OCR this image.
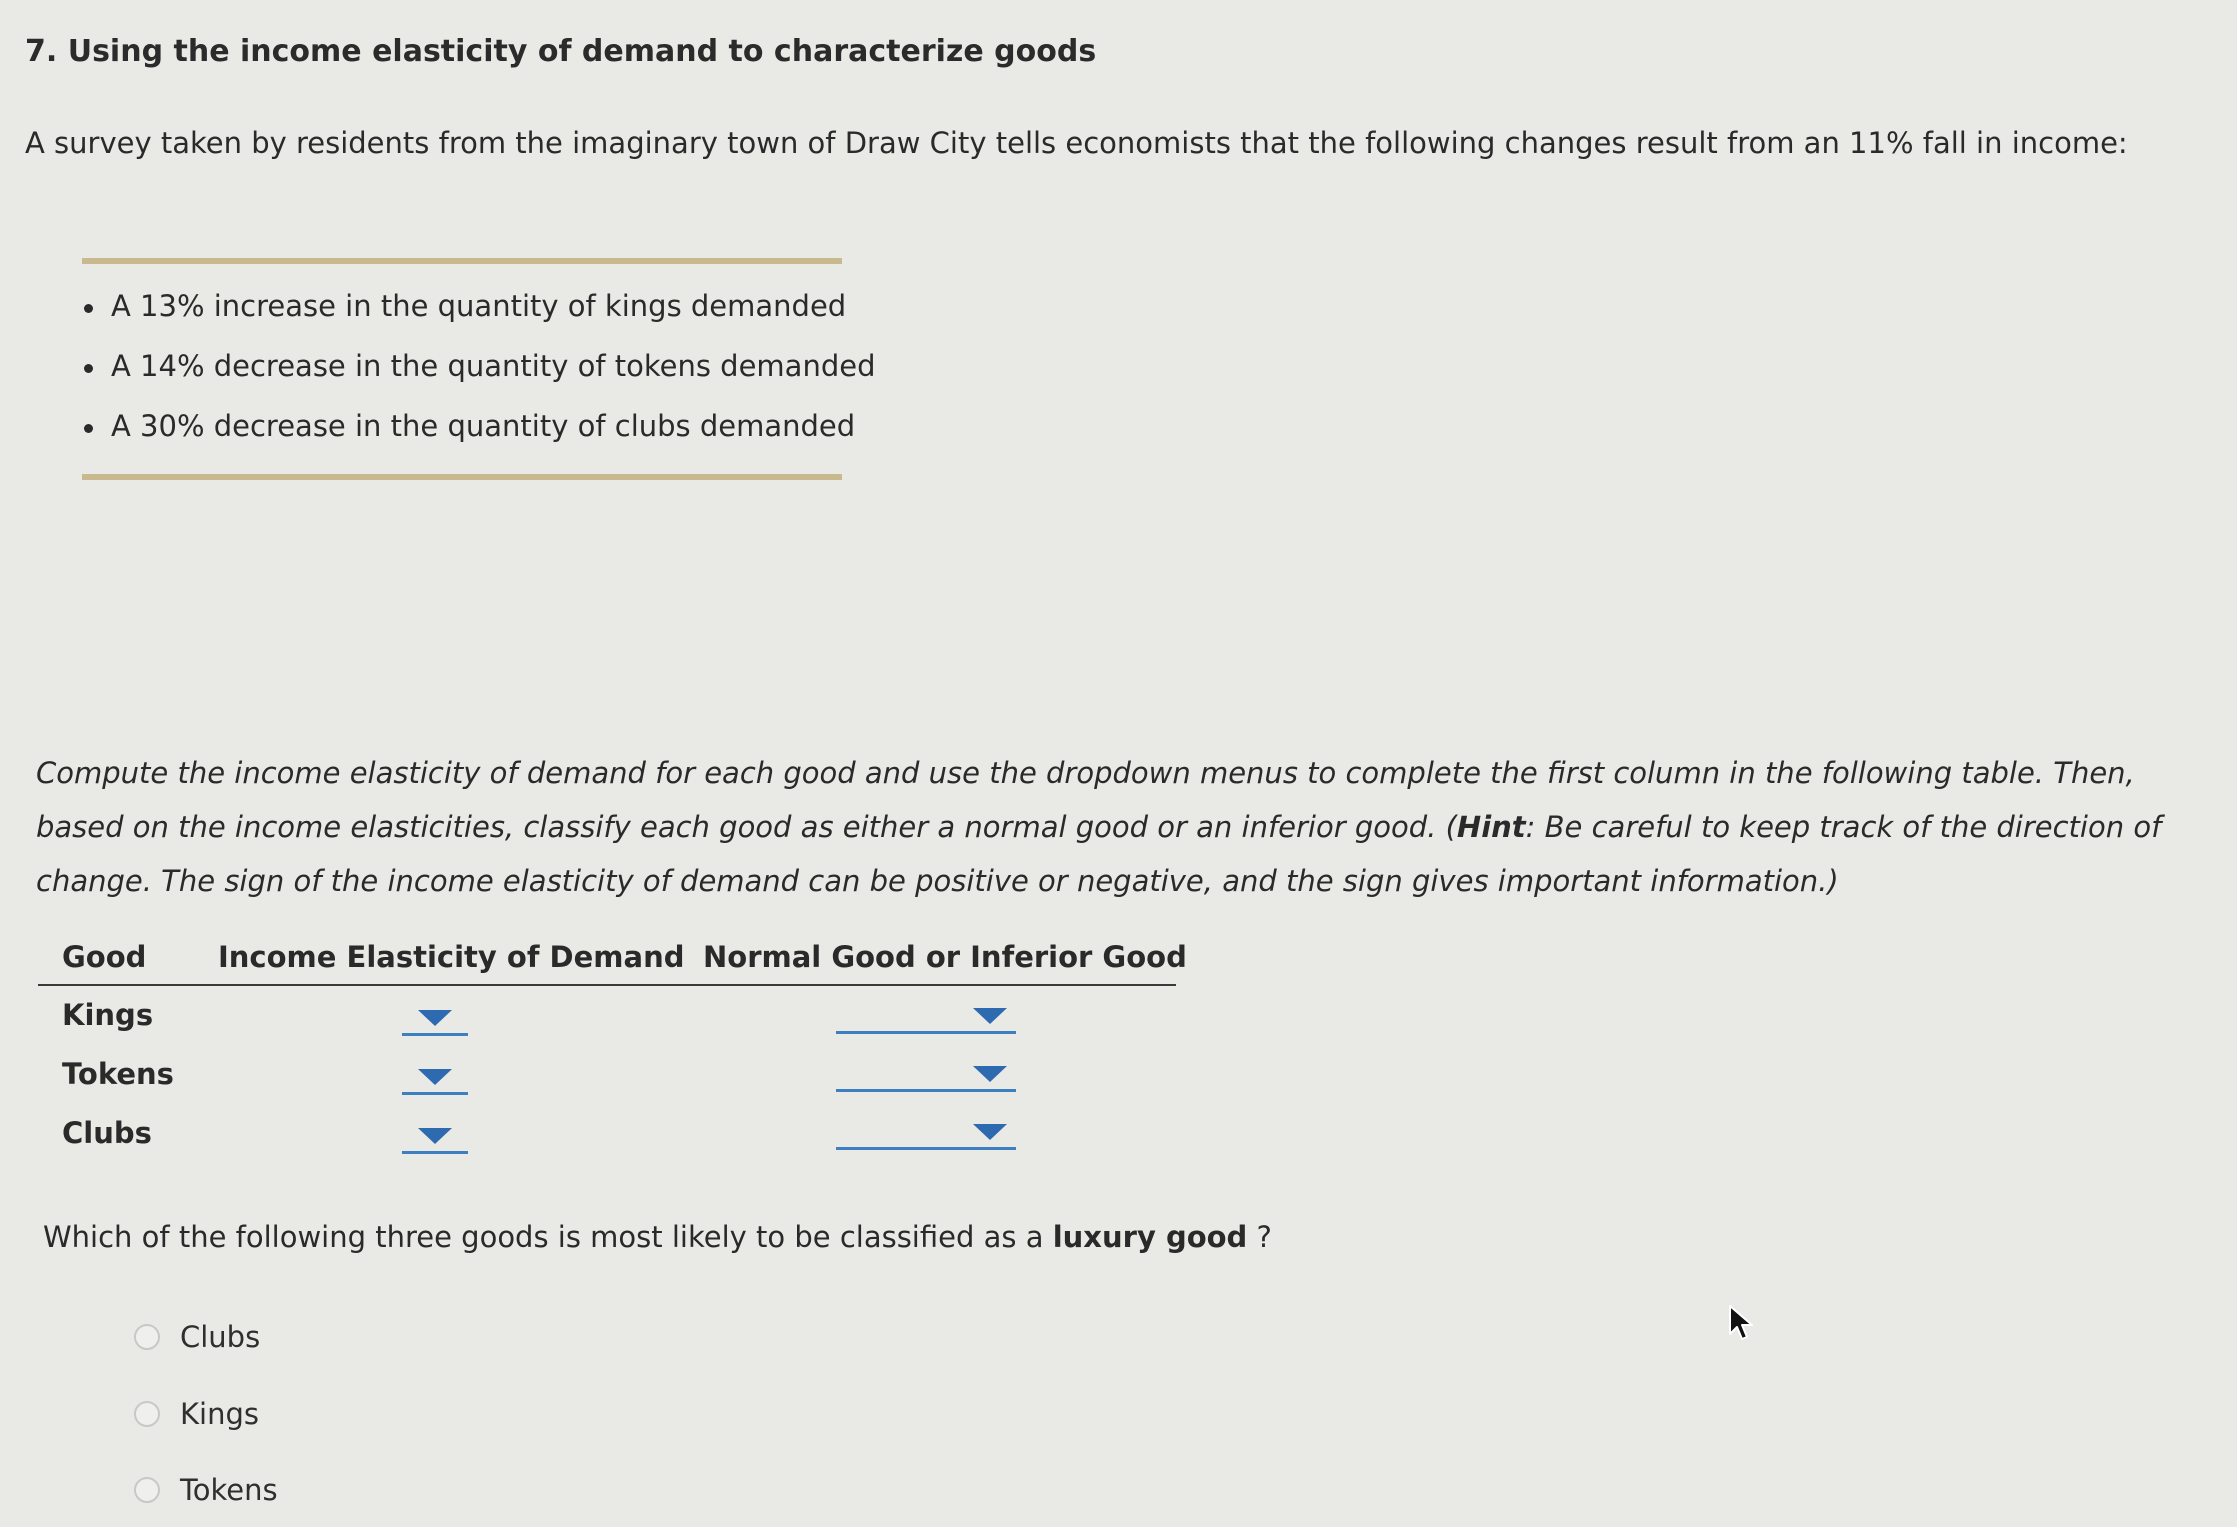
7. Using the income elasticity of demand to characterize goods
A survey taken by residents from the imaginary town of Draw City tells economists that the following changes result from an 11% fall in income:
A 13% increase in the quantity of kings demanded
A 14% decrease in the quantity of tokens demanded
A 30% decrease in the quantity of clubs demanded

Compute the income elasticity of demand for each good and use the dropdown menus to complete the first column in the following table. Then, based on the income elasticities, classify each good as either a normal good or an inferior good. (Hint: Be careful to keep track of the direction of change. The sign of the income elasticity of demand can be positive or negative, and the sign gives important information.)

Good Income Elasticity of Demand Normal Good or Inferior Good
Kings
Tokens
Clubs
Which of the following three goods is most likely to be classified as a luxury good ?
Clubs
Kings
Tokens
